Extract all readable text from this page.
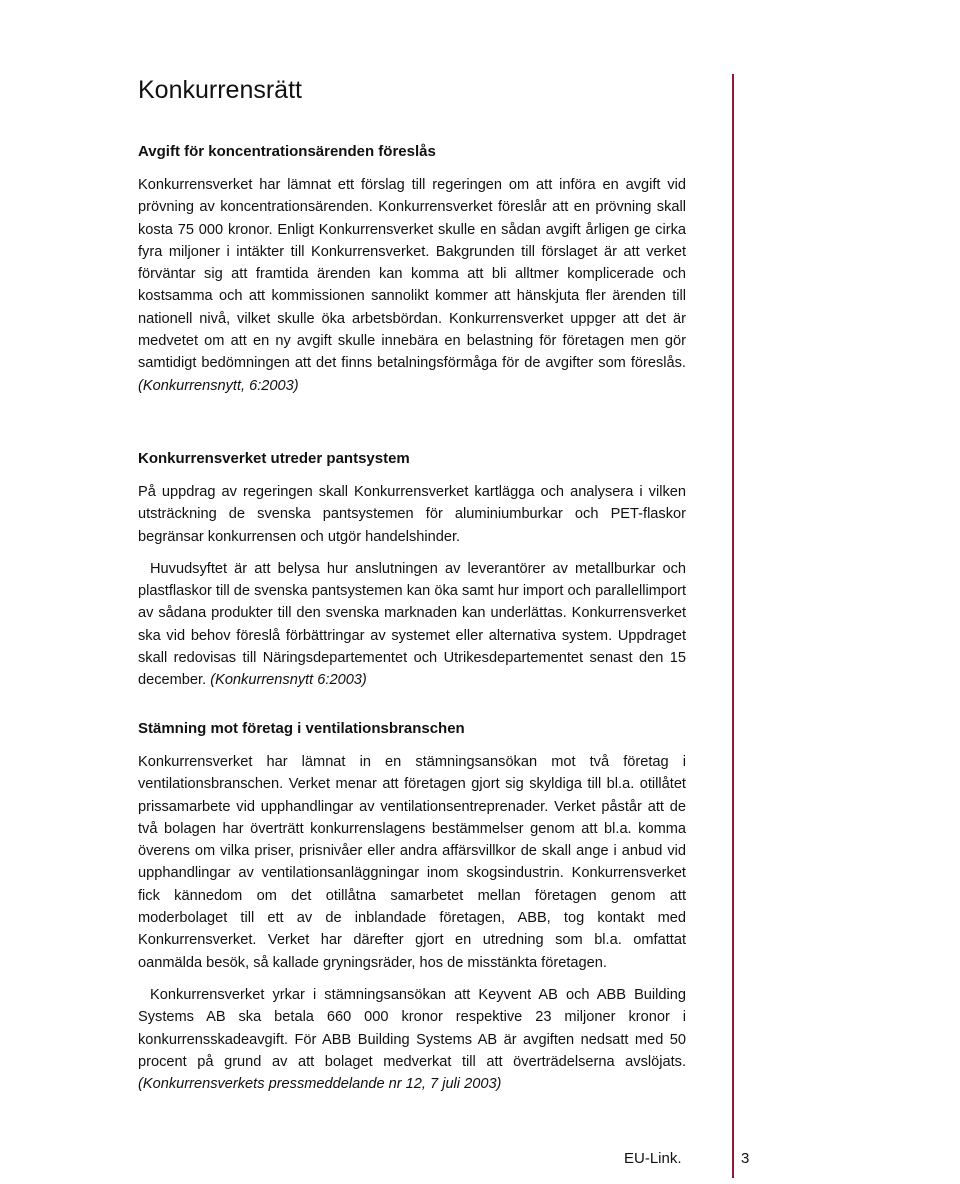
Konkurrensrätt
Avgift för koncentrationsärenden föreslås

Konkurrensverket har lämnat ett förslag till regeringen om att införa en avgift vid prövning av koncentrationsärenden. Konkurrensverket föreslår att en prövning skall kosta 75 000 kronor. Enligt Konkurrensverket skulle en sådan avgift årligen ge cirka fyra miljoner i intäkter till Konkurrensverket. Bakgrunden till förslaget är att verket förväntar sig att framtida ärenden kan komma att bli alltmer komplicerade och kostsamma och att kommissionen sannolikt kommer att hänskjuta fler ärenden till nationell nivå, vilket skulle öka arbetsbördan. Konkurrensverket uppger att det är medvetet om att en ny avgift skulle innebära en belastning för företagen men gör samtidigt bedömningen att det finns betalningsförmåga för de avgifter som föreslås. (Konkurrensnytt, 6:2003)

Konkurrensverket utreder pantsystem

På uppdrag av regeringen skall Konkurrensverket kartlägga och analysera i vilken utsträckning de svenska pantsystemen för aluminiumburkar och PET-flaskor begränsar konkurrensen och utgör handelshinder.

Huvudsyftet är att belysa hur anslutningen av leverantörer av metallburkar och plastflaskor till de svenska pantsystemen kan öka samt hur import och parallellimport av sådana produkter till den svenska marknaden kan underlättas. Konkurrensverket ska vid behov föreslå förbättringar av systemet eller alternativa system. Uppdraget skall redovisas till Näringsdepartementet och Utrikesdepartementet senast den 15 december. (Konkurrensnytt 6:2003)

Stämning mot företag i ventilationsbranschen

Konkurrensverket har lämnat in en stämningsansökan mot två företag i ventilationsbranschen. Verket menar att företagen gjort sig skyldiga till bl.a. otillåtet prissamarbete vid upphandlingar av ventilationsentreprenader. Verket påstår att de två bolagen har överträtt konkurrenslagens bestämmelser genom att bl.a. komma överens om vilka priser, prisnivåer eller andra affärsvillkor de skall ange i anbud vid upphandlingar av ventilationsanläggningar inom skogsindustrin. Konkurrensverket fick kännedom om det otillåtna samarbetet mellan företagen genom att moderbolaget till ett av de inblandade företagen, ABB, tog kontakt med Konkurrensverket. Verket har därefter gjort en utredning som bl.a. omfattat oanmälda besök, så kallade gryningsräder, hos de misstänkta företagen.

Konkurrensverket yrkar i stämningsansökan att Keyvent AB och ABB Building Systems AB ska betala 660 000 kronor respektive 23 miljoner kronor i konkurrensskadeavgift. För ABB Building Systems AB är avgiften nedsatt med 50 procent på grund av att bolaget medverkat till att överträdelserna avslöjats. (Konkurrensverkets pressmeddelande nr 12, 7 juli 2003)

EU-Link.	3
